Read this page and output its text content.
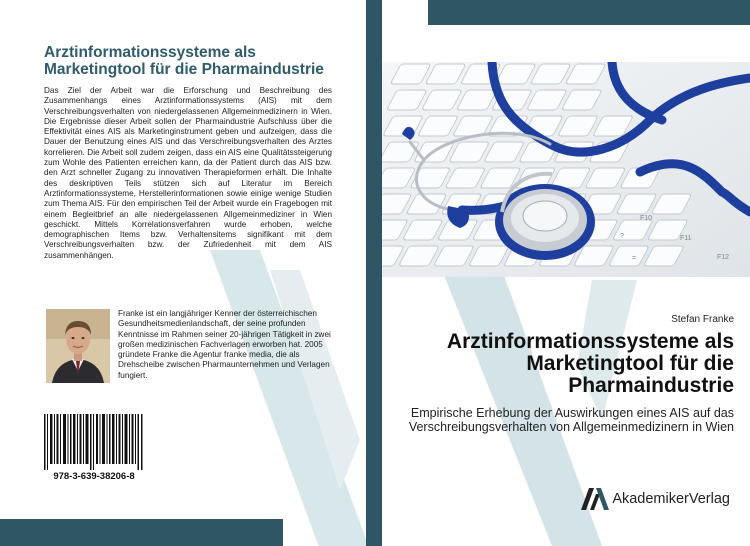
Arztinformationssysteme als Marketingtool für die Pharmaindustrie
Das Ziel der Arbeit war die Erforschung und Beschreibung des Zusammenhangs eines Arztinformationssystems (AIS) mit dem Verschreibungsverhalten von niedergelassenen Allgemeinmedizinern in Wien. Die Ergebnisse dieser Arbeit sollen der Pharmaindustrie Aufschluss über die Effektivität eines AIS als Marketinginstrument geben und aufzeigen, dass die Dauer der Benutzung eines AIS und das Verschreibungsverhalten des Arztes korrelieren. Die Arbeit soll zudem zeigen, dass ein AIS eine Qualitätssteigerung zum Wohle des Patienten erreichen kann, da der Patient durch das AIS bzw. den Arzt schneller Zugang zu innovativen Therapieformen erhält. Die Inhalte des deskriptiven Teils stützen sich auf Literatur im Bereich Arztinformationssysteme, Herstellerinformationen sowie einige wenige Studien zum Thema AIS. Für den empirischen Teil der Arbeit wurde ein Fragebogen mit einem Begleitbrief an alle niedergelassenen Allgemeinmediziner in Wien geschickt. Mittels Korrelationsverfahren wurde erhoben, welche demographischen Items bzw. Verhaltensitems signifikant mit dem Verschreibungsverhalten bzw. der Zufriedenheit mit dem AIS zusammenhängen.
Franke ist ein langjähriger Kenner der österreichischen Gesundheitsmedienlandschaft, der seine profunden Kenntnisse im Rahmen seiner 20-jährigen Tätigkeit in zwei großen medizinischen Fachverlagen erworben hat. 2005 gründete Franke die Agentur franke media, die als Drehscheibe zwischen Pharmaunternehmen und Verlagen fungiert.
978-3-639-38206-8
F10
F11
F12
?
=
Stefan Franke
Arztinformationssysteme als Marketingtool für die Pharmaindustrie
Empirische Erhebung der Auswirkungen eines AIS auf das Verschreibungsverhalten von Allgemeinmedizinern in Wien
AkademikerVerlag
